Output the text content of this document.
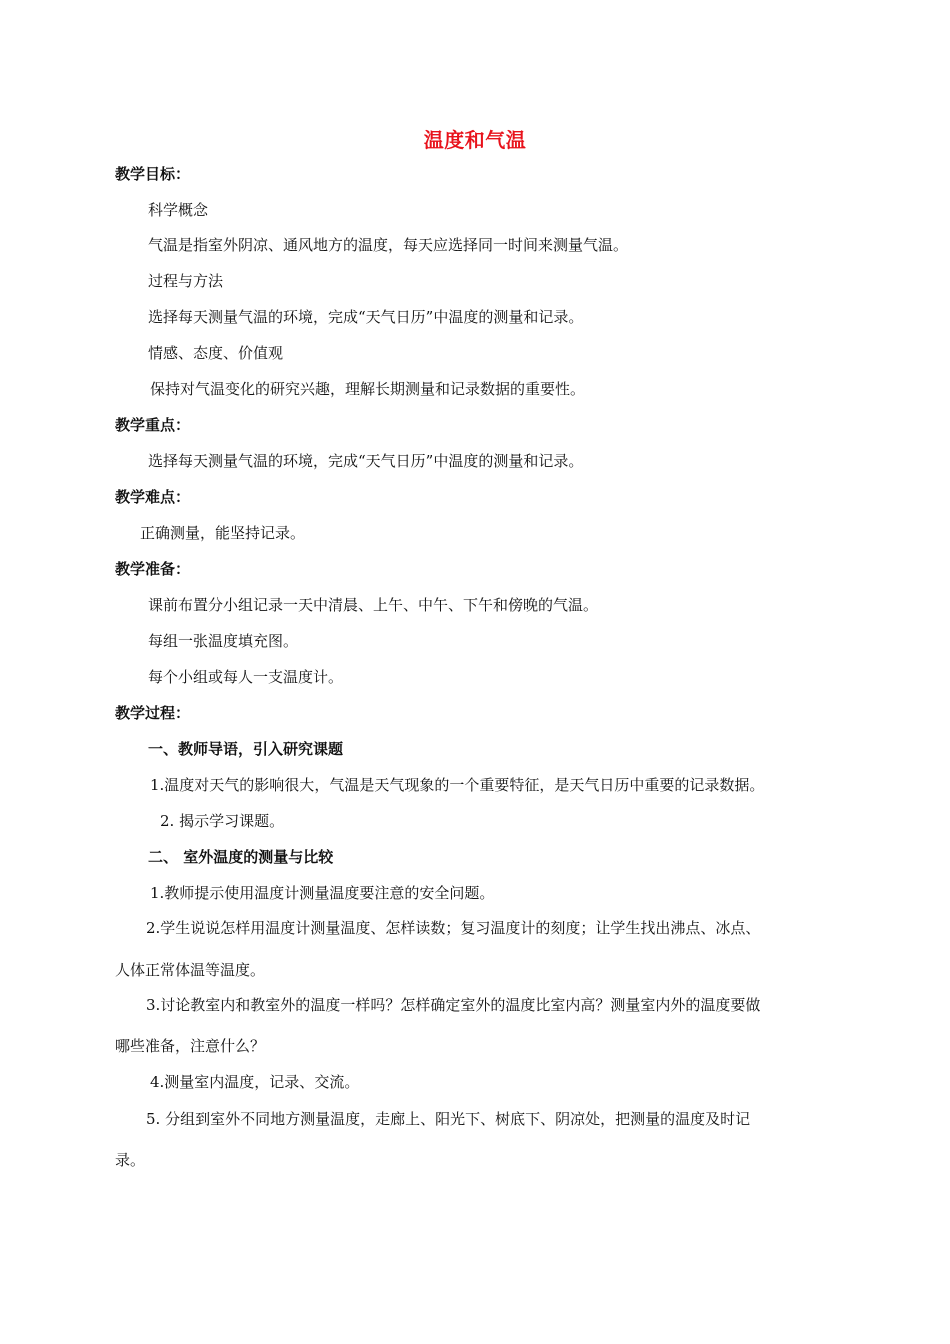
温度和气温
教学目标：
科学概念
气温是指室外阴凉、通风地方的温度，每天应选择同一时间来测量气温。
过程与方法
选择每天测量气温的环境，完成“天气日历”中温度的测量和记录。
情感、态度、价值观
保持对气温变化的研究兴趣，理解长期测量和记录数据的重要性。
教学重点：
选择每天测量气温的环境，完成“天气日历”中温度的测量和记录。
教学难点：
正确测量，能坚持记录。
教学准备：
课前布置分小组记录一天中清晨、上午、中午、下午和傍晚的气温。
每组一张温度填充图。
每个小组或每人一支温度计。
教学过程：
一、教师导语，引入研究课题
1.温度对天气的影响很大，气温是天气现象的一个重要特征，是天气日历中重要的记录数据。
2. 揭示学习课题。
二、 室外温度的测量与比较
1.教师提示使用温度计测量温度要注意的安全问题。
2.学生说说怎样用温度计测量温度、怎样读数；复习温度计的刻度；让学生找出沸点、冰点、
人体正常体温等温度。
3.讨论教室内和教室外的温度一样吗？怎样确定室外的温度比室内高？测量室内外的温度要做
哪些准备，注意什么？
4.测量室内温度，记录、交流。
5. 分组到室外不同地方测量温度，走廊上、阳光下、树底下、阴凉处，把测量的温度及时记
录。
